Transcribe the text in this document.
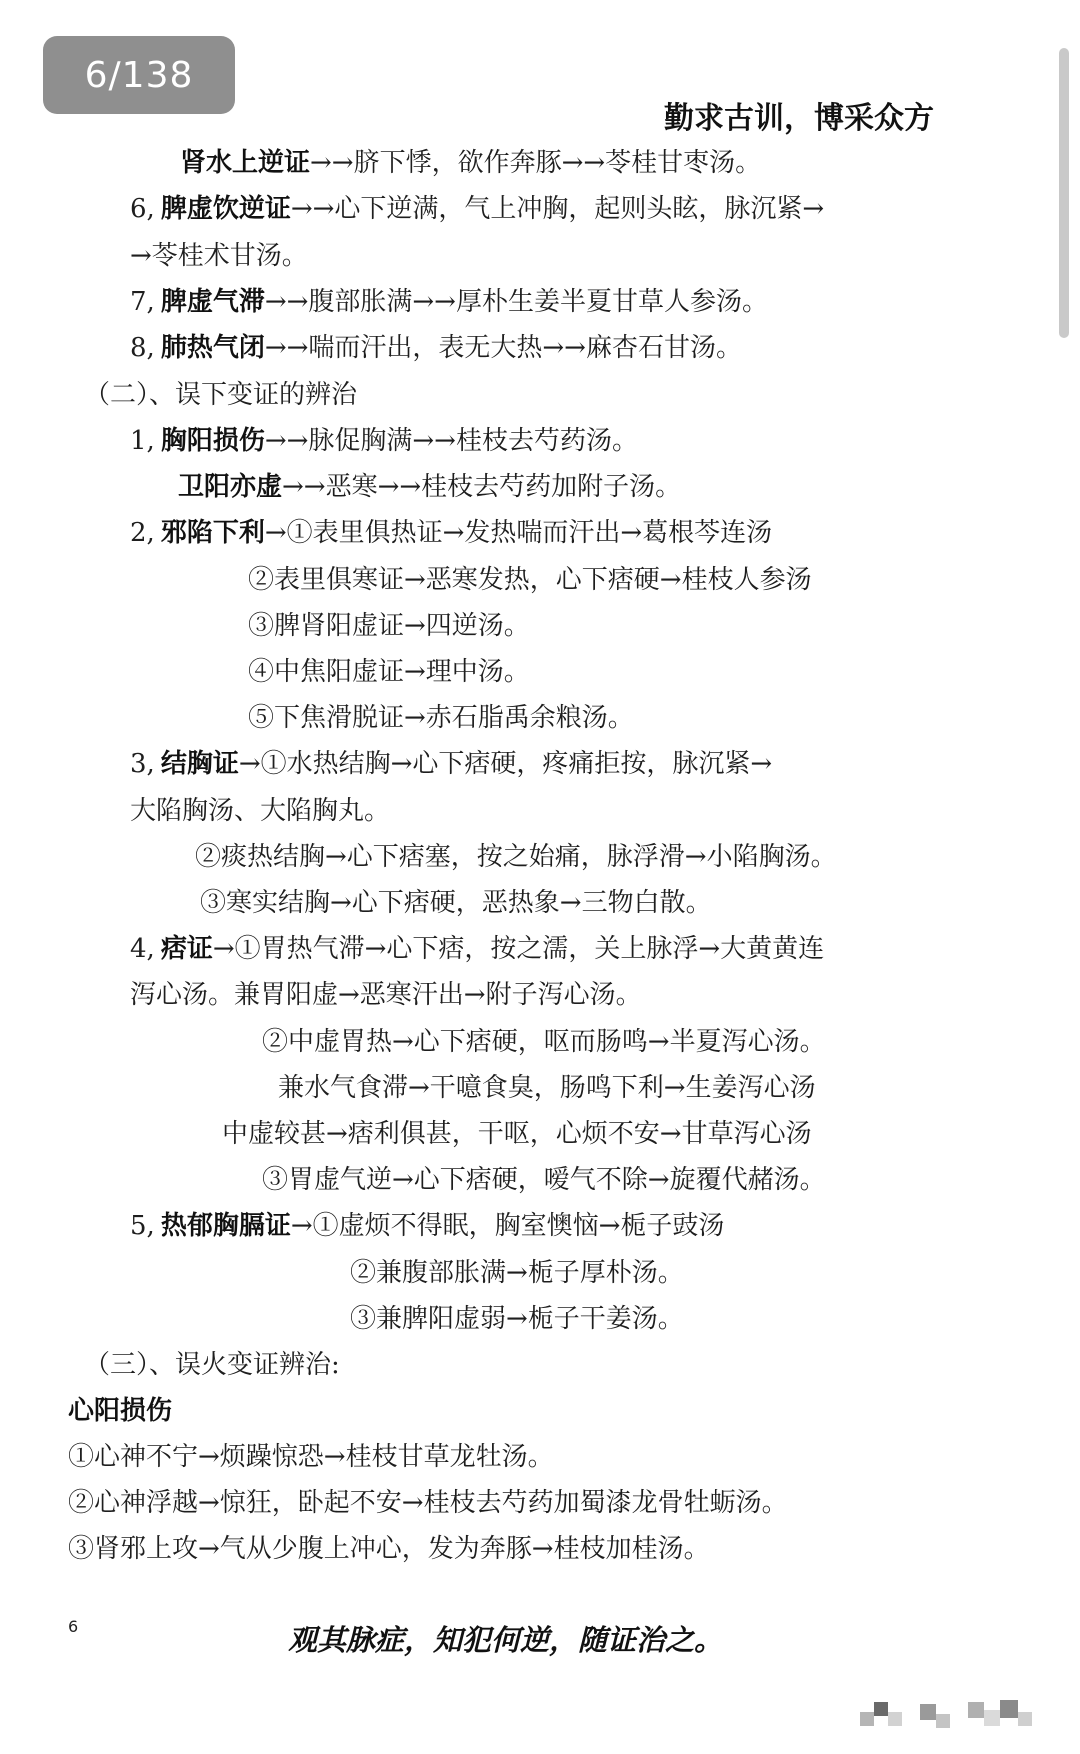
6/138
勤求古训，博采众方
肾水上逆证→→脐下悸，欲作奔豚→→苓桂甘枣汤。
6, 脾虚饮逆证→→心下逆满，气上冲胸，起则头眩，脉沉紧→
→苓桂术甘汤。
7, 脾虚气滞→→腹部胀满→→厚朴生姜半夏甘草人参汤。
8, 肺热气闭→→喘而汗出，表无大热→→麻杏石甘汤。
（二）、误下变证的辨治
1, 胸阳损伤→→脉促胸满→→桂枝去芍药汤。
卫阳亦虚→→恶寒→→桂枝去芍药加附子汤。
2, 邪陷下利→①表里俱热证→发热喘而汗出→葛根芩连汤
②表里俱寒证→恶寒发热，心下痞硬→桂枝人参汤
③脾肾阳虚证→四逆汤。
④中焦阳虚证→理中汤。
⑤下焦滑脱证→赤石脂禹余粮汤。
3, 结胸证→①水热结胸→心下痞硬，疼痛拒按，脉沉紧→
大陷胸汤、大陷胸丸。
②痰热结胸→心下痞塞，按之始痛，脉浮滑→小陷胸汤。
③寒实结胸→心下痞硬，恶热象→三物白散。
4, 痞证→①胃热气滞→心下痞，按之濡，关上脉浮→大黄黄连
泻心汤。兼胃阳虚→恶寒汗出→附子泻心汤。
②中虚胃热→心下痞硬，呕而肠鸣→半夏泻心汤。
兼水气食滞→干噫食臭，肠鸣下利→生姜泻心汤
中虚较甚→痞利俱甚，干呕，心烦不安→甘草泻心汤
③胃虚气逆→心下痞硬，嗳气不除→旋覆代赭汤。
5, 热郁胸膈证→①虚烦不得眠，胸室懊恼→栀子豉汤
②兼腹部胀满→栀子厚朴汤。
③兼脾阳虚弱→栀子干姜汤。
（三）、误火变证辨治:
心阳损伤
①心神不宁→烦躁惊恐→桂枝甘草龙牡汤。
②心神浮越→惊狂，卧起不安→桂枝去芍药加蜀漆龙骨牡蛎汤。
③肾邪上攻→气从少腹上冲心，发为奔豚→桂枝加桂汤。
6	观其脉症，知犯何逆，随证治之。
